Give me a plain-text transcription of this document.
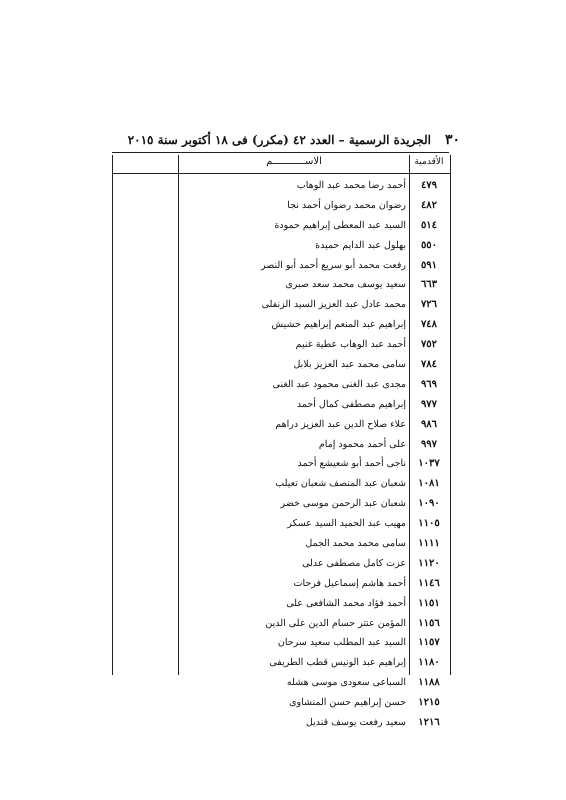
٣٠
الجريدة الرسمية – العدد ٤٢ (مكرر) فى ١٨ أكتوبر سنة ٢٠١٥
الأقدمية
الاســـــــــــم
٤٧٩
أحمد رضا محمد عبد الوهاب
٤٨٢
رضوان محمد رضوان أحمد نجا
٥١٤
السيد عبد المعطى إبراهيم حمودة
٥٥٠
بهلول عبد الدايم حميدة
٥٩١
رفعت محمد أبو سريع أحمد أبو النصر
٦٦٣
سعيد يوسف محمد سعد صبرى
٧٢٦
محمد عادل عبد العزيز السيد الزنفلى
٧٤٨
إبراهيم عبد المنعم إبراهيم حشيش
٧٥٢
أحمد عبد الوهاب عطية غنيم
٧٨٤
سامى محمد عبد العزيز بلابل
٩٦٩
مجدى عبد الغنى محمود عبد الغنى
٩٧٧
إبراهيم مصطفى كمال أحمد
٩٨٦
علاء صلاح الدين عبد العزيز دراهم
٩٩٧
على أحمد محمود إمام
١٠٣٧
ناجى أحمد أبو شعيشع أحمد
١٠٨١
شعبان عبد المنصف شعبان تعيلب
١٠٩٠
شعبان عبد الرحمن موسى خضر
١١٠٥
مهيب عبد الحميد السيد عسكر
١١١١
سامى محمد محمد الجمل
١١٢٠
عزت كامل مصطفى عدلى
١١٤٦
أحمد هاشم إسماعيل فرحات
١١٥١
أحمد فؤاد محمد الشافعى على
١١٥٦
المؤمن عنتر حسام الدين على الدين
١١٥٧
السيد عبد المطلب سعيد سرحان
١١٨٠
إبراهيم عبد الونيس قطب الطريفى
١١٨٨
السباعى سعودى موسى هشله
١٢١٥
حسن إبراهيم حسن المنشاوى
١٢١٦
سعيد رفعت يوسف قنديل
